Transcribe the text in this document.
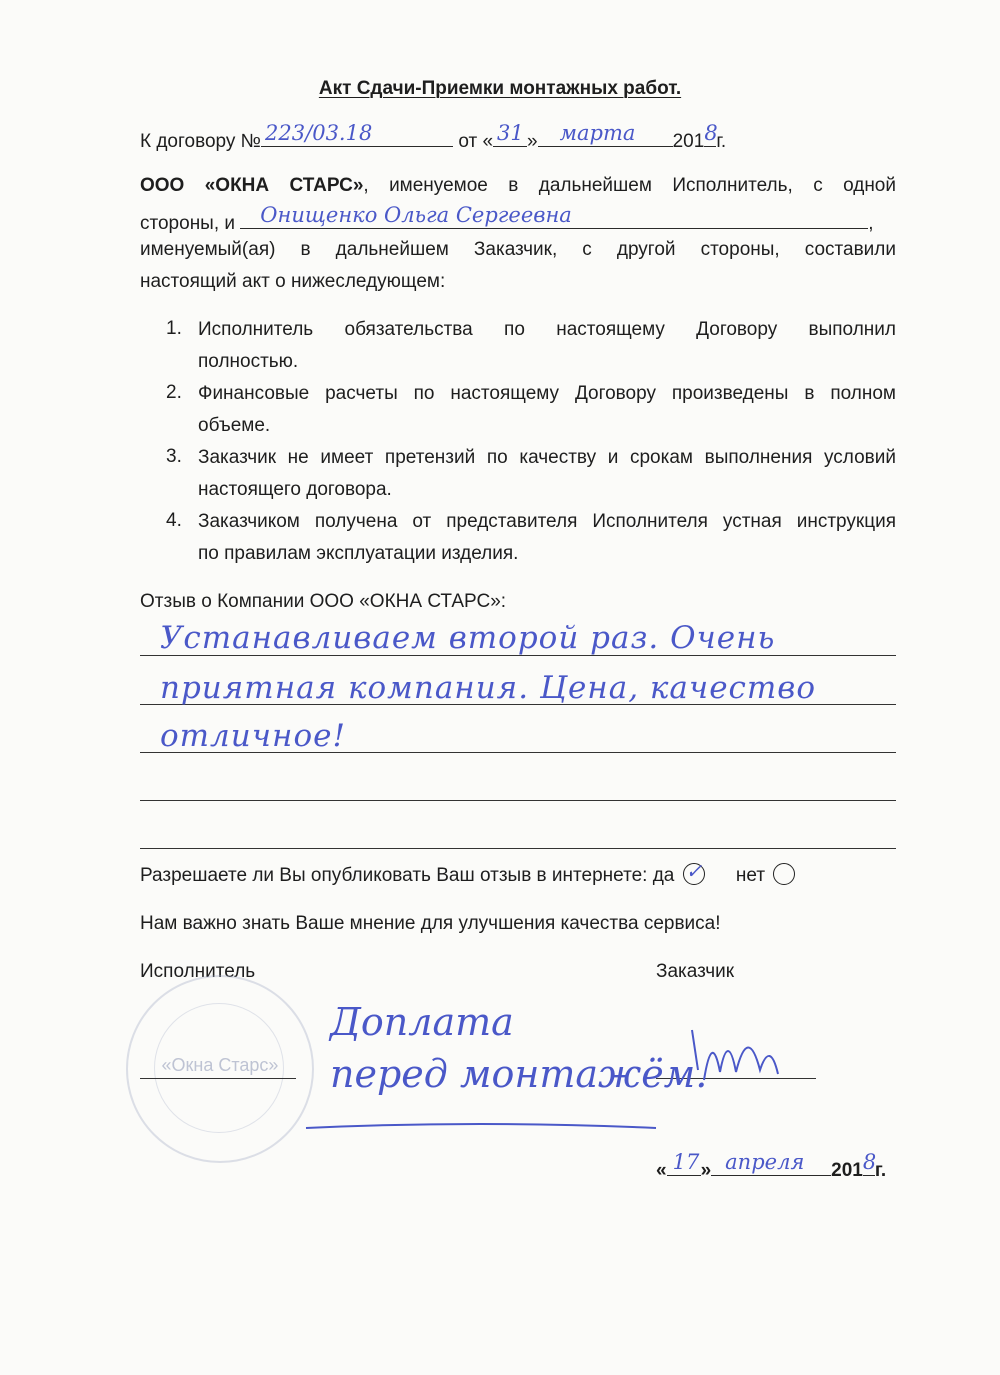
Акт Сдачи-Приемки монтажных работ.
К договору № 223/03.18	от « 31 » марта 201 8
г.
ООО «ОКНА СТАРС», именуемое в дальнейшем Исполнитель, с одной
стороны, и Онищенко Ольга Сергеевна	,
именуемый(ая) в дальнейшем Заказчик, с другой стороны, составили
настоящий акт о нижеследующем:
1. Исполнитель обязательства по настоящему Договору выполнил
полностью.
2. Финансовые расчеты по настоящему Договору произведены в полном
объеме.
3. Заказчик не имеет претензий по качеству и срокам выполнения условий
настоящего договора.
4. Заказчиком получена от представителя Исполнителя устная инструкция
по правилам эксплуатации изделия.
Отзыв о Компании ООО «ОКНА СТАРС»:
Устанавливаем второй раз. Очень
приятная компания. Цена, качество
отличное!
Разрешаете ли Вы опубликовать Ваш отзыв в интернете: да ✓ нет
Нам важно знать Ваше мнение для улучшения качества сервиса!
Исполнитель	Заказчик
«Окна Старс»
Доплата
перед монтажём.
« 17 » апреля 201 8
г.
